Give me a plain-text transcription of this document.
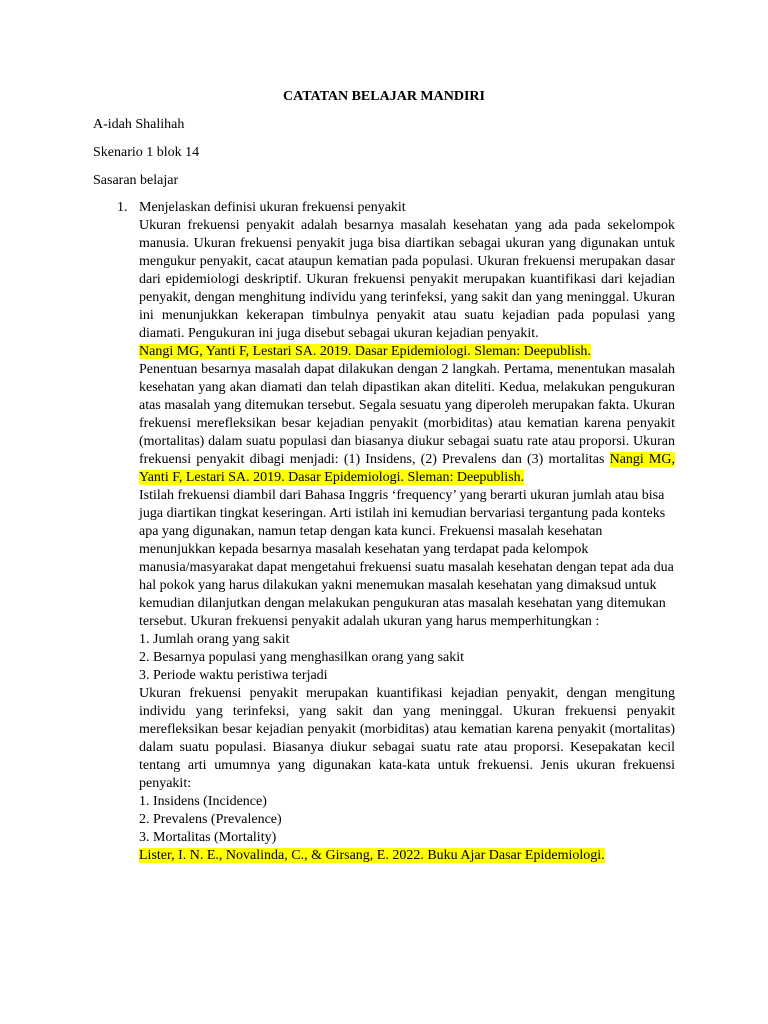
CATATAN BELAJAR MANDIRI
A-idah Shalihah
Skenario 1 blok 14
Sasaran belajar
1. Menjelaskan definisi ukuran frekuensi penyakit

Ukuran frekuensi penyakit adalah besarnya masalah kesehatan yang ada pada sekelompok manusia. Ukuran frekuensi penyakit juga bisa diartikan sebagai ukuran yang digunakan untuk mengukur penyakit, cacat ataupun kematian pada populasi. Ukuran frekuensi merupakan dasar dari epidemiologi deskriptif. Ukuran frekuensi penyakit merupakan kuantifikasi dari kejadian penyakit, dengan menghitung individu yang terinfeksi, yang sakit dan yang meninggal. Ukuran ini menunjukkan kekerapan timbulnya penyakit atau suatu kejadian pada populasi yang diamati. Pengukuran ini juga disebut sebagai ukuran kejadian penyakit.

Nangi MG, Yanti F, Lestari SA. 2019. Dasar Epidemiologi. Sleman: Deepublish.

Penentuan besarnya masalah dapat dilakukan dengan 2 langkah. Pertama, menentukan masalah kesehatan yang akan diamati dan telah dipastikan akan diteliti. Kedua, melakukan pengukuran atas masalah yang ditemukan tersebut. Segala sesuatu yang diperoleh merupakan fakta. Ukuran frekuensi merefleksikan besar kejadian penyakit (morbiditas) atau kematian karena penyakit (mortalitas) dalam suatu populasi dan biasanya diukur sebagai suatu rate atau proporsi. Ukuran frekuensi penyakit dibagi menjadi: (1) Insidens, (2) Prevalens dan (3) mortalitas Nangi MG, Yanti F, Lestari SA. 2019. Dasar Epidemiologi. Sleman: Deepublish.

Istilah frekuensi diambil dari Bahasa Inggris ‘frequency’ yang berarti ukuran jumlah atau bisa juga diartikan tingkat keseringan. Arti istilah ini kemudian bervariasi tergantung pada konteks apa yang digunakan, namun tetap dengan kata kunci. Frekuensi masalah kesehatan menunjukkan kepada besarnya masalah kesehatan yang terdapat pada kelompok manusia/masyarakat dapat mengetahui frekuensi suatu masalah kesehatan dengan tepat ada dua hal pokok yang harus dilakukan yakni menemukan masalah kesehatan yang dimaksud untuk kemudian dilanjutkan dengan melakukan pengukuran atas masalah kesehatan yang ditemukan tersebut. Ukuran frekuensi penyakit adalah ukuran yang harus memperhitungkan :

1. Jumlah orang yang sakit

2. Besarnya populasi yang menghasilkan orang yang sakit

3. Periode waktu peristiwa terjadi

Ukuran frekuensi penyakit merupakan kuantifikasi kejadian penyakit, dengan mengitung individu yang terinfeksi, yang sakit dan yang meninggal. Ukuran frekuensi penyakit merefleksikan besar kejadian penyakit (morbiditas) atau kematian karena penyakit (mortalitas) dalam suatu populasi. Biasanya diukur sebagai suatu rate atau proporsi. Kesepakatan kecil tentang arti umumnya yang digunakan kata-kata untuk frekuensi. Jenis ukuran frekuensi penyakit:

1. Insidens (Incidence)

2. Prevalens (Prevalence)

3. Mortalitas (Mortality)

Lister, I. N. E., Novalinda, C., & Girsang, E. 2022. Buku Ajar Dasar Epidemiologi.
